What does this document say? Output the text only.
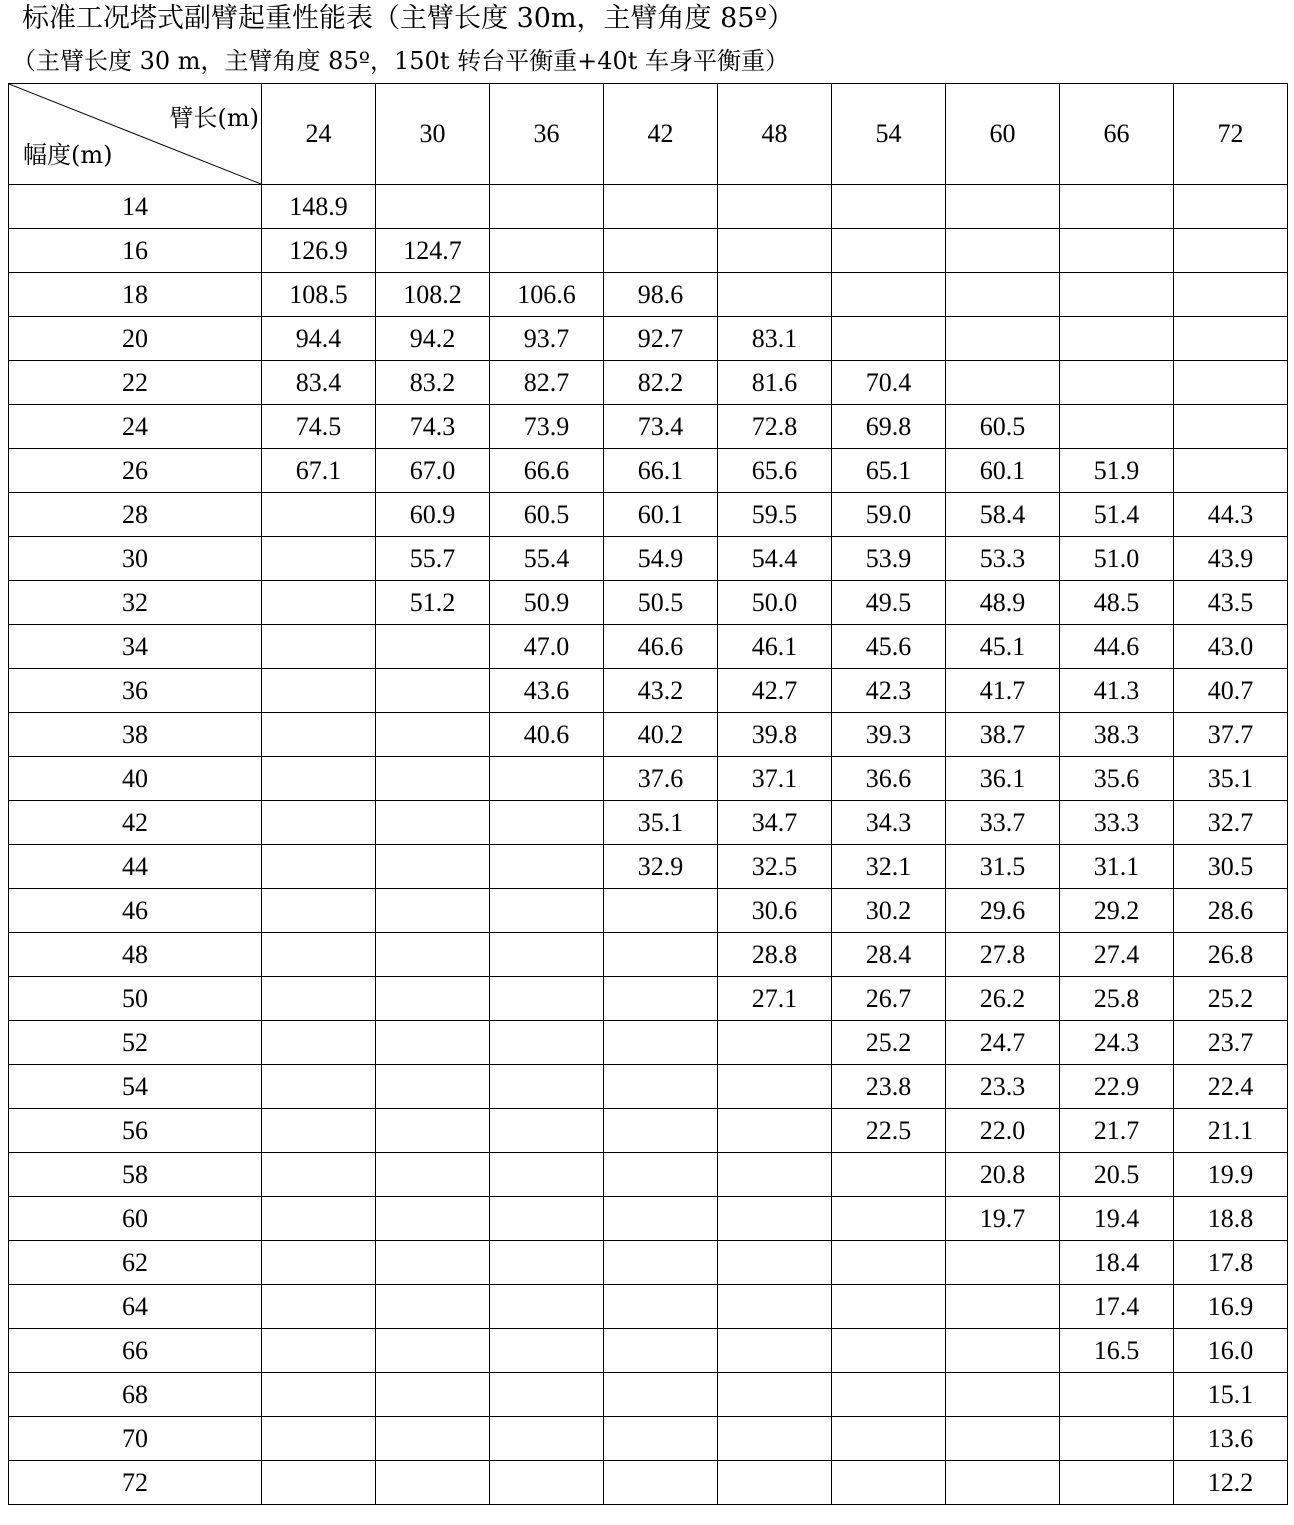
标准工况塔式副臂起重性能表（主臂长度 30m，主臂角度 85º）
（主臂长度 30 m，主臂角度 85º，150t 转台平衡重+40t 车身平衡重）
臂长(m)
幅度(m)	24	30	36	42	48	54	60	66	72
14	148.9								
16	126.9	124.7							
18	108.5	108.2	106.6	98.6					
20	94.4	94.2	93.7	92.7	83.1				
22	83.4	83.2	82.7	82.2	81.6	70.4			
24	74.5	74.3	73.9	73.4	72.8	69.8	60.5		
26	67.1	67.0	66.6	66.1	65.6	65.1	60.1	51.9	
28		60.9	60.5	60.1	59.5	59.0	58.4	51.4	44.3
30		55.7	55.4	54.9	54.4	53.9	53.3	51.0	43.9
32		51.2	50.9	50.5	50.0	49.5	48.9	48.5	43.5
34			47.0	46.6	46.1	45.6	45.1	44.6	43.0
36			43.6	43.2	42.7	42.3	41.7	41.3	40.7
38			40.6	40.2	39.8	39.3	38.7	38.3	37.7
40				37.6	37.1	36.6	36.1	35.6	35.1
42				35.1	34.7	34.3	33.7	33.3	32.7
44				32.9	32.5	32.1	31.5	31.1	30.5
46					30.6	30.2	29.6	29.2	28.6
48					28.8	28.4	27.8	27.4	26.8
50					27.1	26.7	26.2	25.8	25.2
52						25.2	24.7	24.3	23.7
54						23.8	23.3	22.9	22.4
56						22.5	22.0	21.7	21.1
58							20.8	20.5	19.9
60							19.7	19.4	18.8
62								18.4	17.8
64								17.4	16.9
66								16.5	16.0
68									15.1
70									13.6
72									12.2
